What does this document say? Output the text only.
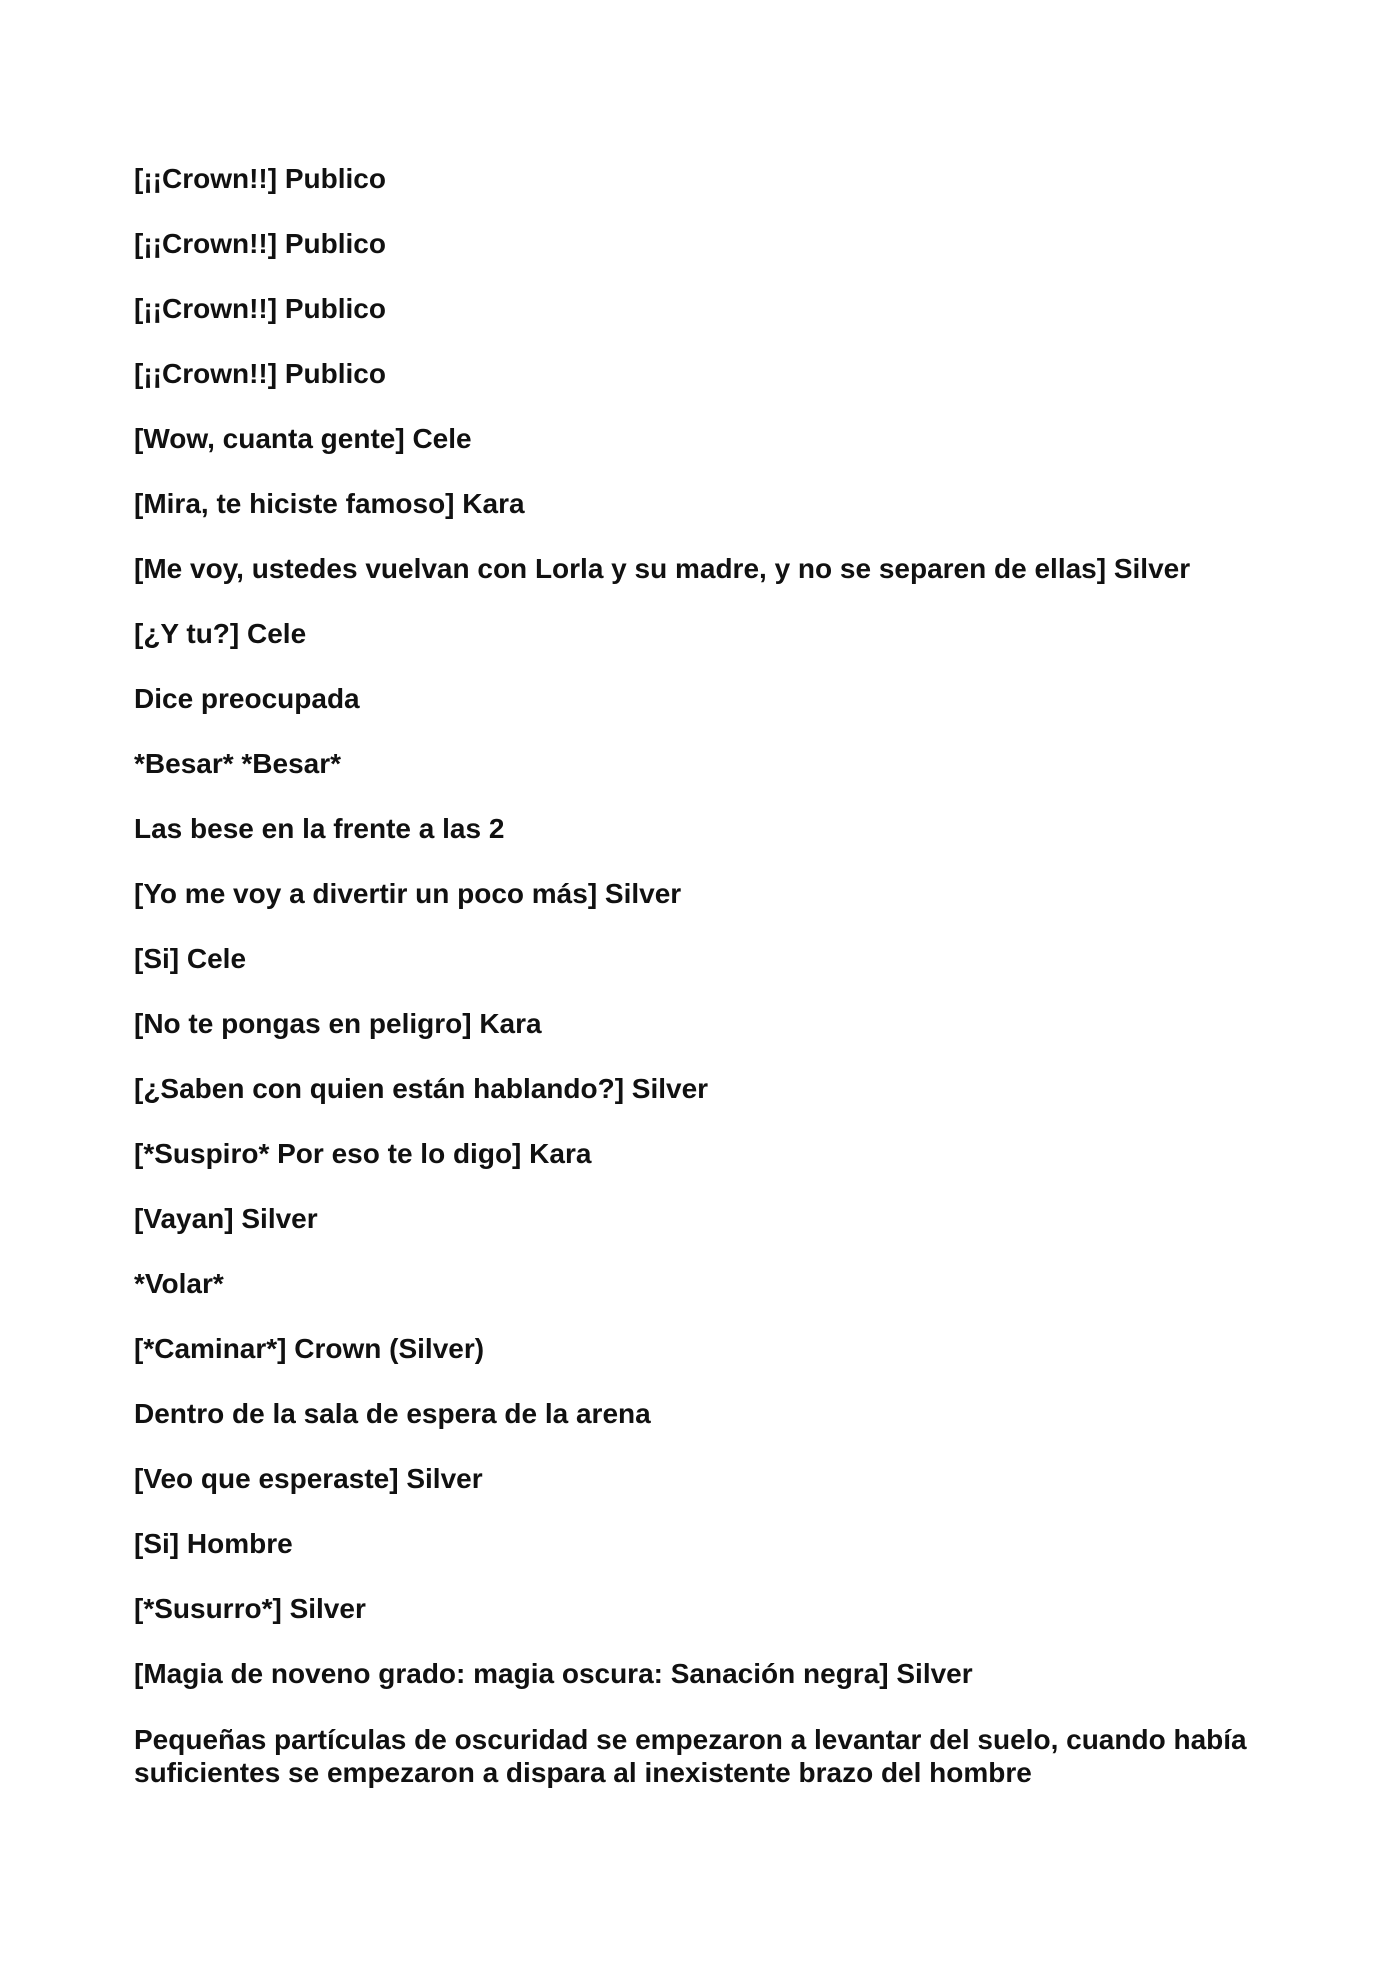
[¡¡Crown!!] Publico

[¡¡Crown!!] Publico

[¡¡Crown!!] Publico

[¡¡Crown!!] Publico

[Wow, cuanta gente] Cele

[Mira, te hiciste famoso] Kara

[Me voy, ustedes vuelvan con Lorla y su madre, y no se separen de ellas] Silver

[¿Y tu?] Cele

Dice preocupada

*Besar* *Besar*

Las bese en la frente a las 2

[Yo me voy a divertir un poco más] Silver

[Si] Cele

[No te pongas en peligro] Kara

[¿Saben con quien están hablando?] Silver

[*Suspiro* Por eso te lo digo] Kara

[Vayan] Silver

*Volar*

[*Caminar*] Crown (Silver)

Dentro de la sala de espera de la arena

[Veo que esperaste] Silver

[Si] Hombre

[*Susurro*] Silver

[Magia de noveno grado: magia oscura: Sanación negra] Silver

Pequeñas partículas de oscuridad se empezaron a levantar del suelo, cuando había suficientes se empezaron a dispara al inexistente brazo del hombre
